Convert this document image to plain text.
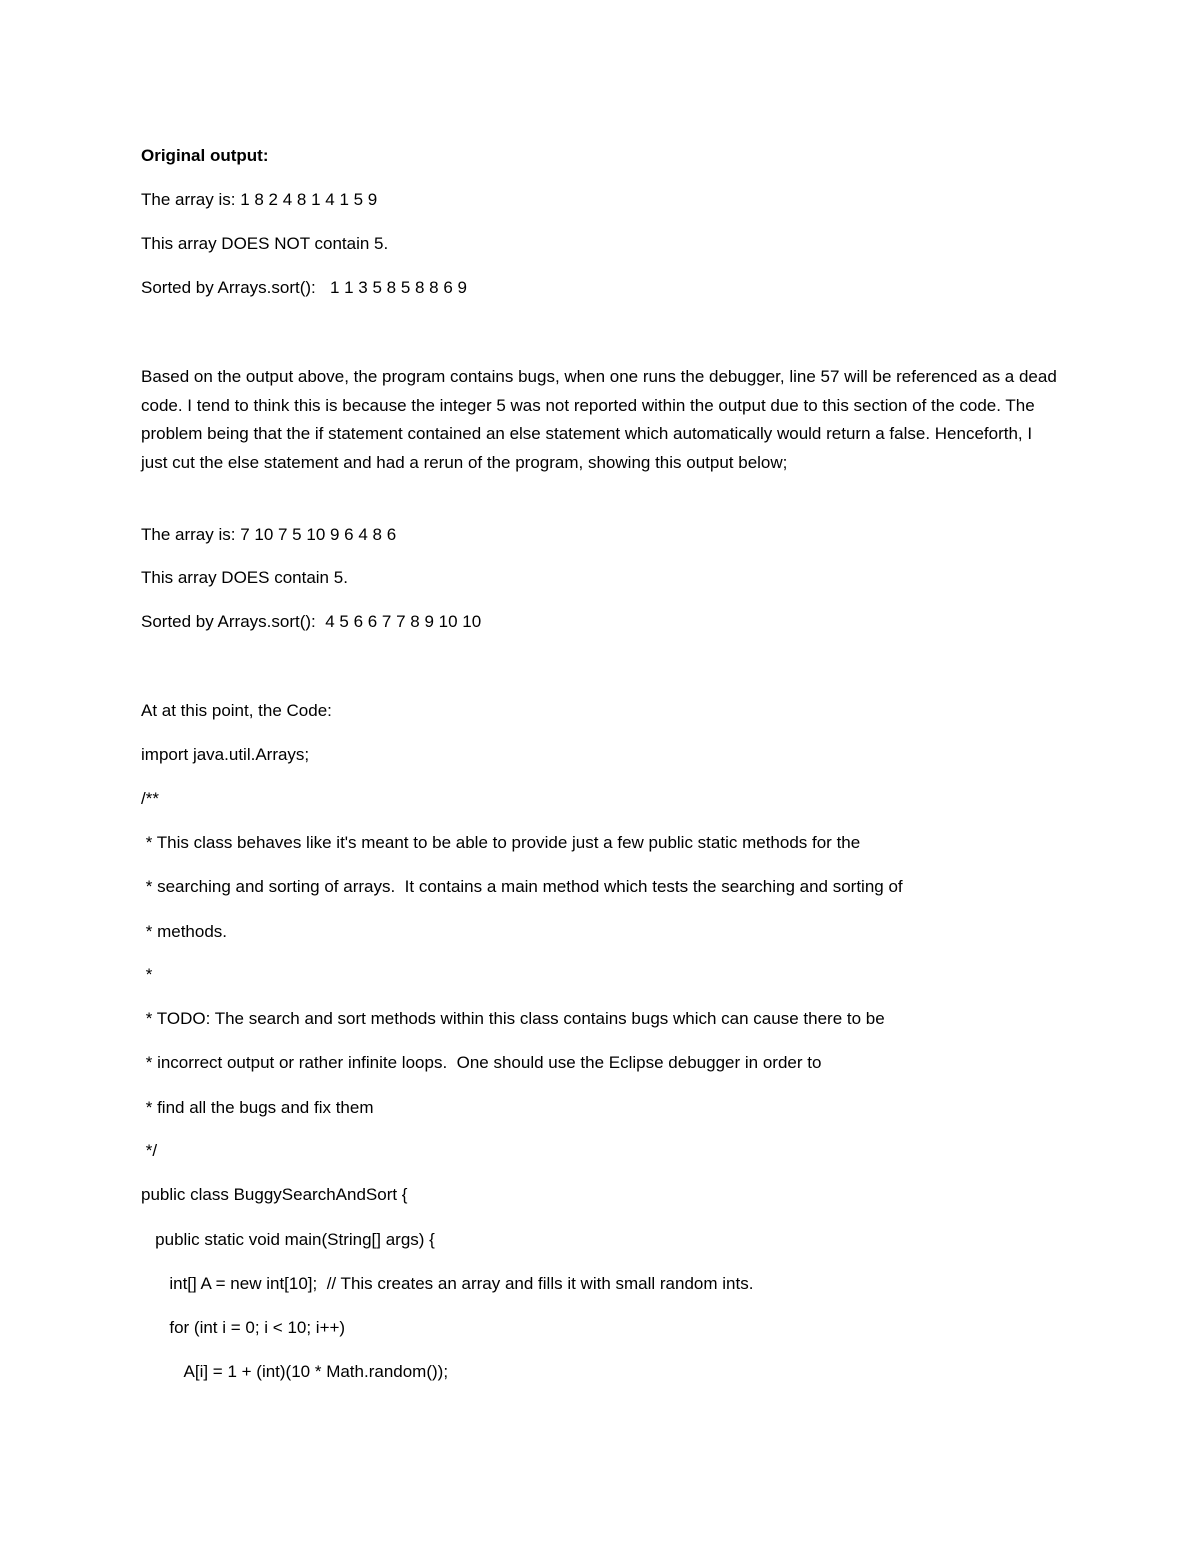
Original output:
The array is: 1 8 2 4 8 1 4 1 5 9
This array DOES NOT contain 5.
Sorted by Arrays.sort():   1 1 3 5 8 5 8 8 6 9
Based on the output above, the program contains bugs, when one runs the debugger, line 57 will be referenced as a dead code. I tend to think this is because the integer 5 was not reported within the output due to this section of the code. The problem being that the if statement contained an else statement which automatically would return a false. Henceforth, I just cut the else statement and had a rerun of the program, showing this output below;
The array is: 7 10 7 5 10 9 6 4 8 6
This array DOES contain 5.
Sorted by Arrays.sort():  4 5 6 6 7 7 8 9 10 10
At at this point, the Code:
import java.util.Arrays;
/**
* This class behaves like it's meant to be able to provide just a few public static methods for the
* searching and sorting of arrays.  It contains a main method which tests the searching and sorting of
* methods.
*
* TODO: The search and sort methods within this class contains bugs which can cause there to be
* incorrect output or rather infinite loops.  One should use the Eclipse debugger in order to
* find all the bugs and fix them
*/
public class BuggySearchAndSort {
public static void main(String[] args) {
int[] A = new int[10];  // This creates an array and fills it with small random ints.
for (int i = 0; i < 10; i++)
A[i] = 1 + (int)(10 * Math.random());
